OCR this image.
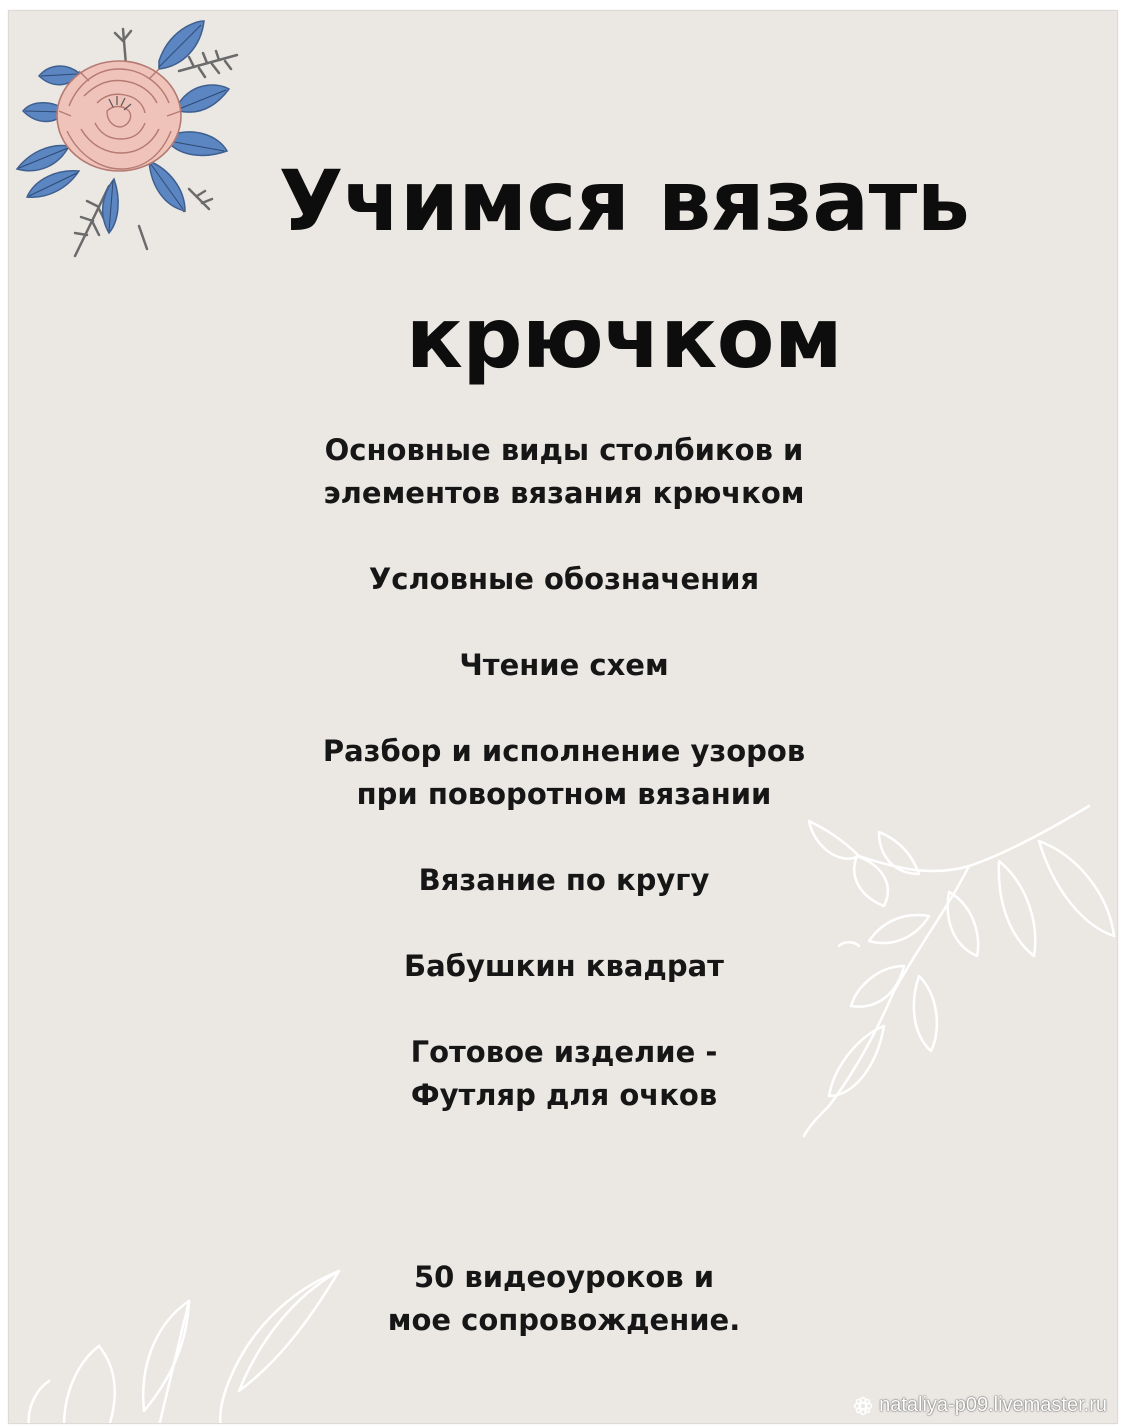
Учимся вязать
крючком
Основные виды столбиков и
элементов вязания крючком
Условные обозначения
Чтение схем
Разбор и исполнение узоров
при поворотном вязании
Вязание по кругу
Бабушкин квадрат
Готовое изделие -
Футляр для очков
50 видеоуроков и
мое сопровождение.
nataliya-p09.livemaster.ru
